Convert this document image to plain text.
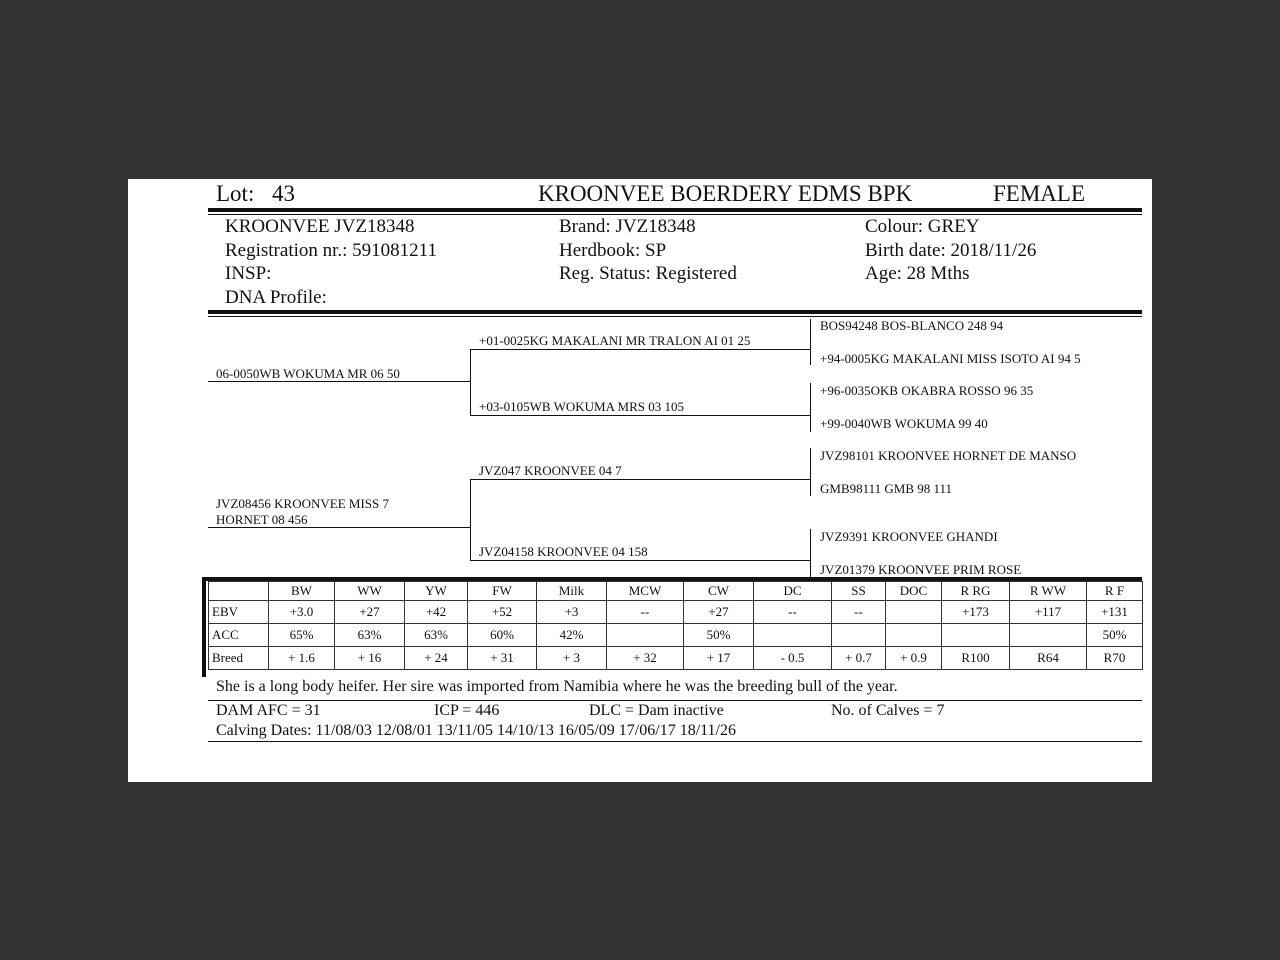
Lot: 43	KROONVEE BOERDERY EDMS BPK	FEMALE
KROONVEE JVZ18348
Registration nr.: 591081211
INSP:
DNA Profile:
Brand: JVZ18348
Herdbook: SP
Reg. Status: Registered
Colour: GREY
Birth date: 2018/11/26
Age: 28 Mths
06-0050WB WOKUMA MR 06 50
JVZ08456 KROONVEE MISS 7
HORNET 08 456
+01-0025KG MAKALANI MR TRALON AI 01 25
+03-0105WB WOKUMA MRS 03 105
JVZ047 KROONVEE 04 7
JVZ04158 KROONVEE 04 158
BOS94248 BOS-BLANCO 248 94
+94-0005KG MAKALANI MISS ISOTO AI 94 5
+96-0035OKB OKABRA ROSSO 96 35
+99-0040WB WOKUMA 99 40
JVZ98101 KROONVEE HORNET DE MANSO
GMB98111 GMB 98 111
JVZ9391 KROONVEE GHANDI
JVZ01379 KROONVEE PRIM ROSE
	BW	WW	YW	FW	Milk	MCW	CW	DC	SS	DOC	R RG	R WW	R F
EBV	+3.0	+27	+42	+52	+3	--	+27	--	--		+173	+117	+131
ACC	65%	63%	63%	60%	42%		50%						50%
Breed	+ 1.6	+ 16	+ 24	+ 31	+ 3	+ 32	+ 17	- 0.5	+ 0.7	+ 0.9	R100	R64	R70
She is a long body heifer. Her sire was imported from Namibia where he was the breeding bull of the year.
DAM AFC = 31	ICP = 446	DLC = Dam inactive	No. of Calves = 7
Calving Dates: 11/08/03 12/08/01 13/11/05 14/10/13 16/05/09 17/06/17 18/11/26
